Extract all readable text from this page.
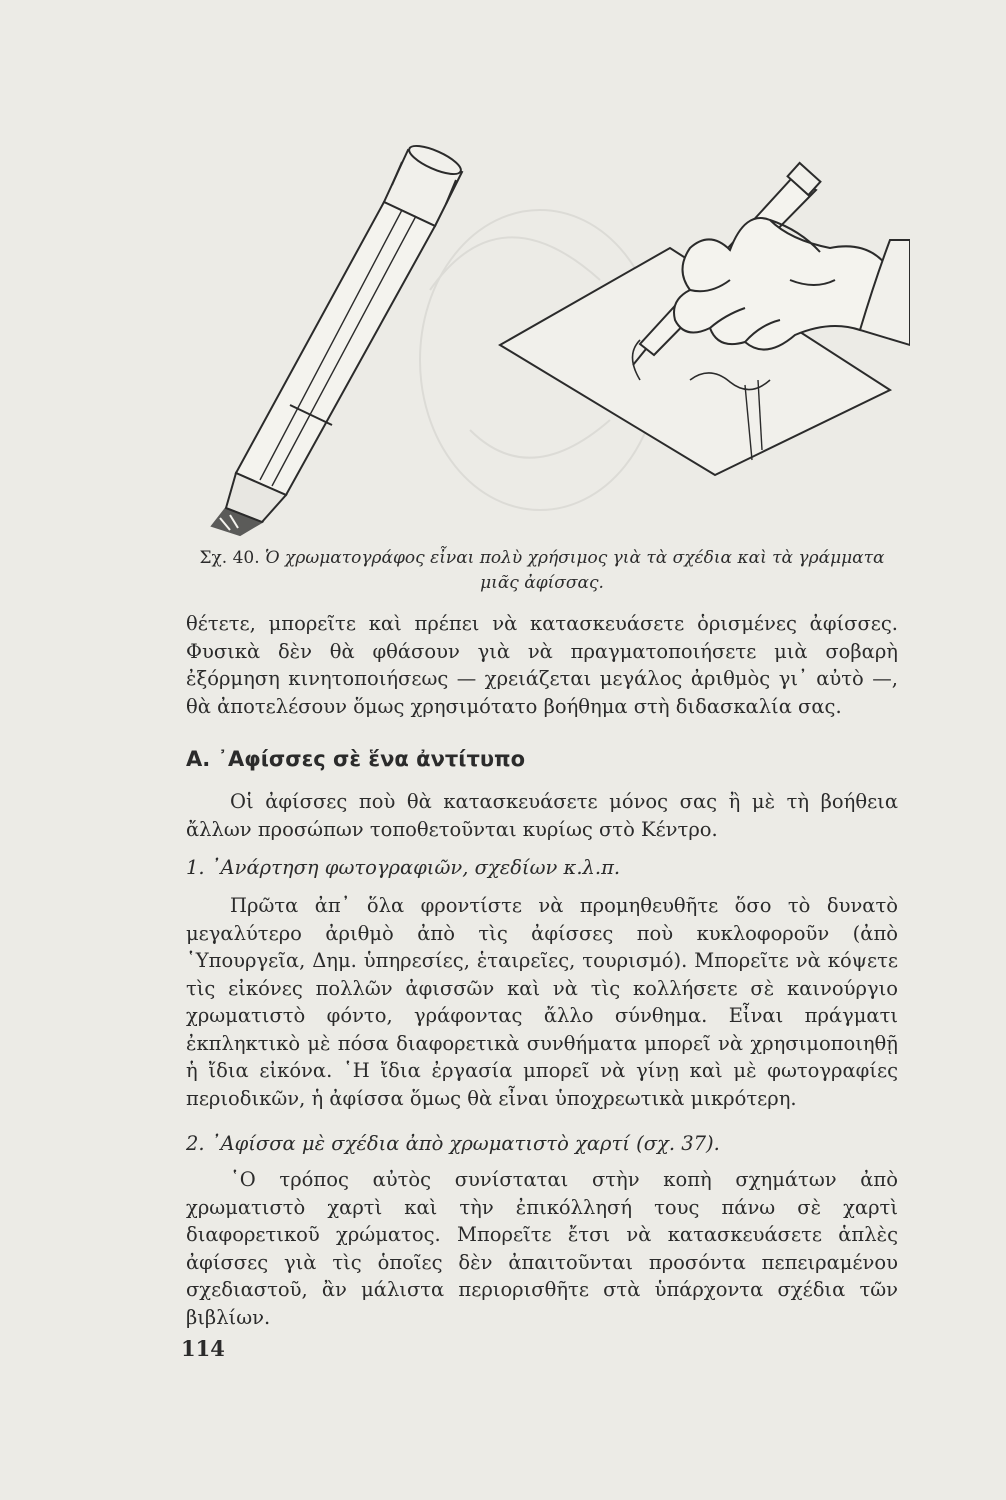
Σχ. 40. Ὁ χρωματογράφος εἶναι πολὺ χρήσιμος γιὰ τὰ σχέδια καὶ τὰ γράμματα μιᾶς ἀφίσσας.

θέτετε, μπορεῖτε καὶ πρέπει νὰ κατασκευάσετε ὁρισμένες ἀφίσσες. Φυσικὰ δὲν θὰ φθάσουν γιὰ νὰ πραγματοποιήσετε μιὰ σοβαρὴ ἐξόρμηση κινητοποιήσεως — χρειάζεται μεγάλος ἀριθμὸς γι᾿ αὐτὸ —, θὰ ἀποτελέσουν ὅμως χρησιμότατο βοήθημα στὴ διδασκαλία σας.

Α. ᾿Αφίσσες σὲ ἕνα ἀντίτυπο

Οἱ ἀφίσσες ποὺ θὰ κατασκευάσετε μόνος σας ἢ μὲ τὴ βοήθεια ἄλλων προσώπων τοποθετοῦνται κυρίως στὸ Κέντρο.

1. ᾿Ανάρτηση φωτογραφιῶν, σχεδίων κ.λ.π.

Πρῶτα ἀπ᾿ ὅλα φροντίστε νὰ προμηθευθῆτε ὅσο τὸ δυνατὸ μεγαλύτερο ἀριθμὸ ἀπὸ τὶς ἀφίσσες ποὺ κυκλοφοροῦν (ἀπὸ ῾Υπουργεῖα, Δημ. ὑπηρεσίες, ἑταιρεῖες, τουρισμό). Μπορεῖτε νὰ κόψετε τὶς εἰκόνες πολλῶν ἀφισσῶν καὶ νὰ τὶς κολλήσετε σὲ καινούργιο χρωματιστὸ φόντο, γράφοντας ἄλλο σύνθημα. Εἶναι πράγματι ἐκπληκτικὸ μὲ πόσα διαφορετικὰ συνθήματα μπορεῖ νὰ χρησιμοποιηθῇ ἡ ἴδια εἰκόνα. ῾Η ἴδια ἐργασία μπορεῖ νὰ γίνῃ καὶ μὲ φωτογραφίες περιοδικῶν, ἡ ἀφίσσα ὅμως θὰ εἶναι ὑποχρεωτικὰ μικρότερη.

2. ᾿Αφίσσα μὲ σχέδια ἀπὸ χρωματιστὸ χαρτί (σχ. 37).

῾Ο τρόπος αὐτὸς συνίσταται στὴν κοπὴ σχημάτων ἀπὸ χρωματιστὸ χαρτὶ καὶ τὴν ἐπικόλλησή τους πάνω σὲ χαρτὶ διαφορετικοῦ χρώματος. Μπορεῖτε ἔτσι νὰ κατασκευάσετε ἁπλὲς ἀφίσσες γιὰ τὶς ὁποῖες δὲν ἀπαιτοῦνται προσόντα πεπειραμένου σχεδιαστοῦ, ἂν μάλιστα περιορισθῆτε στὰ ὑπάρχοντα σχέδια τῶν βιβλίων.

114
